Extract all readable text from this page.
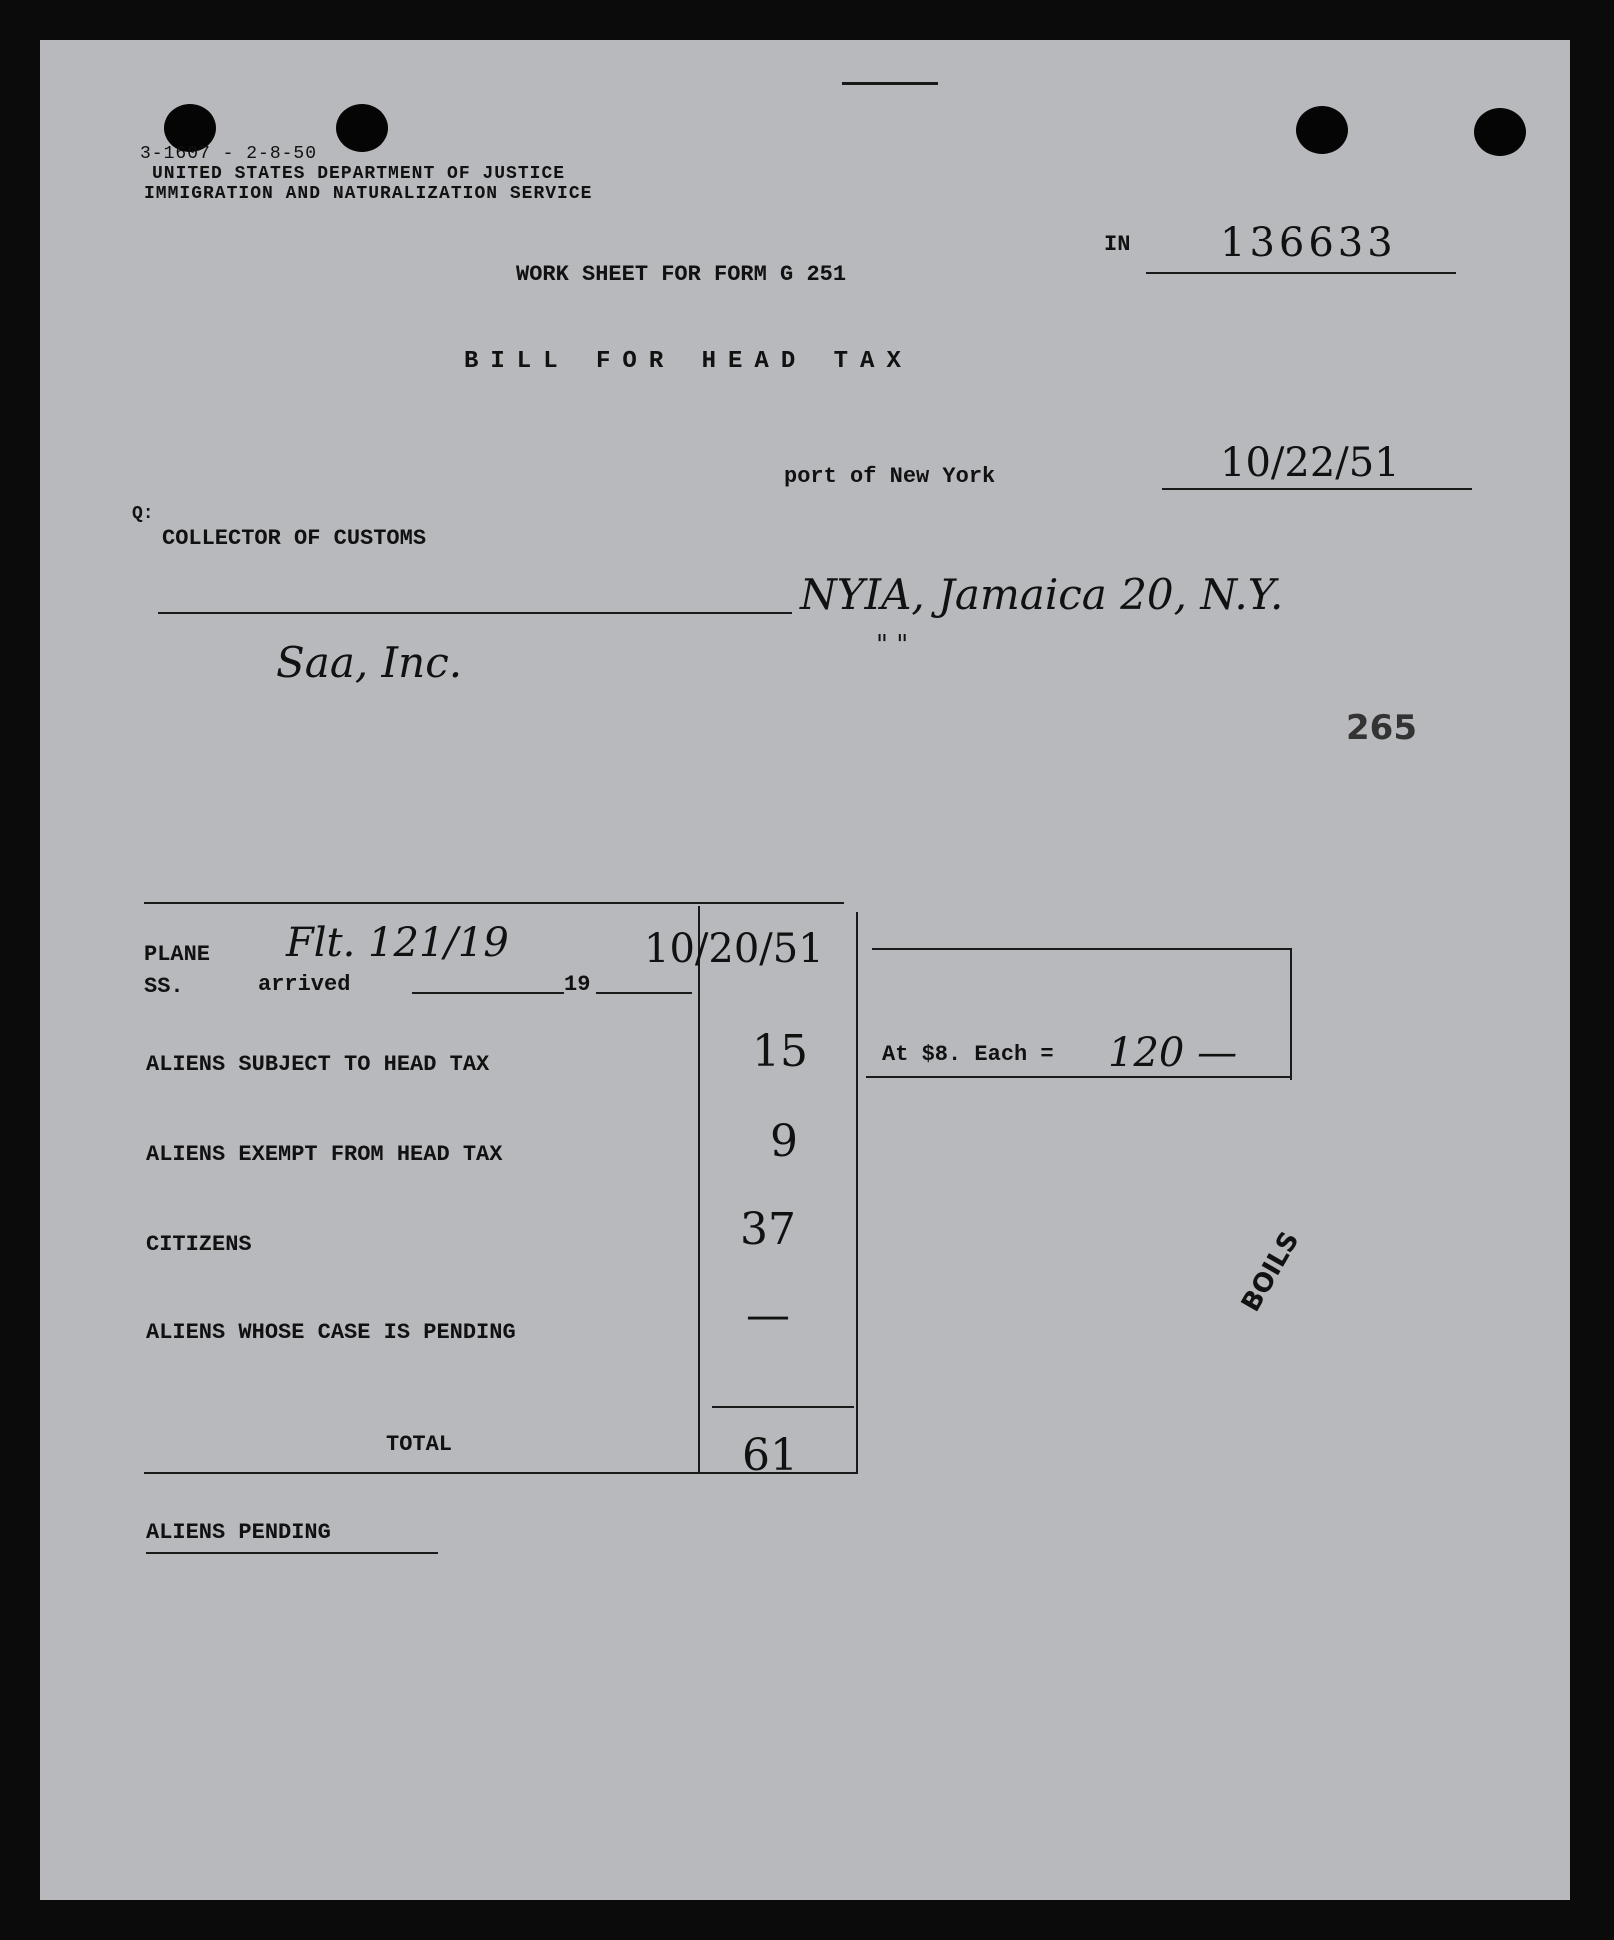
3-1607 - 2-8-50
UNITED STATES DEPARTMENT OF JUSTICE
IMMIGRATION AND NATURALIZATION SERVICE
IN 136633
WORK SHEET FOR FORM G 251
BILL FOR HEAD TAX
port of New York	10/22/51
Q:
COLLECTOR OF CUSTOMS
NYIA, Jamaica 20, N.Y.
" "
Saa, Inc.
265
PLANE
SS.	arrived	19
Flt. 121/19	10/20/51
ALIENS SUBJECT TO HEAD TAX	15
ALIENS EXEMPT FROM HEAD TAX	9
CITIZENS	37
ALIENS WHOSE CASE IS PENDING	—
TOTAL	61
At $8. Each = 120 —
ALIENS PENDING
BOILS
